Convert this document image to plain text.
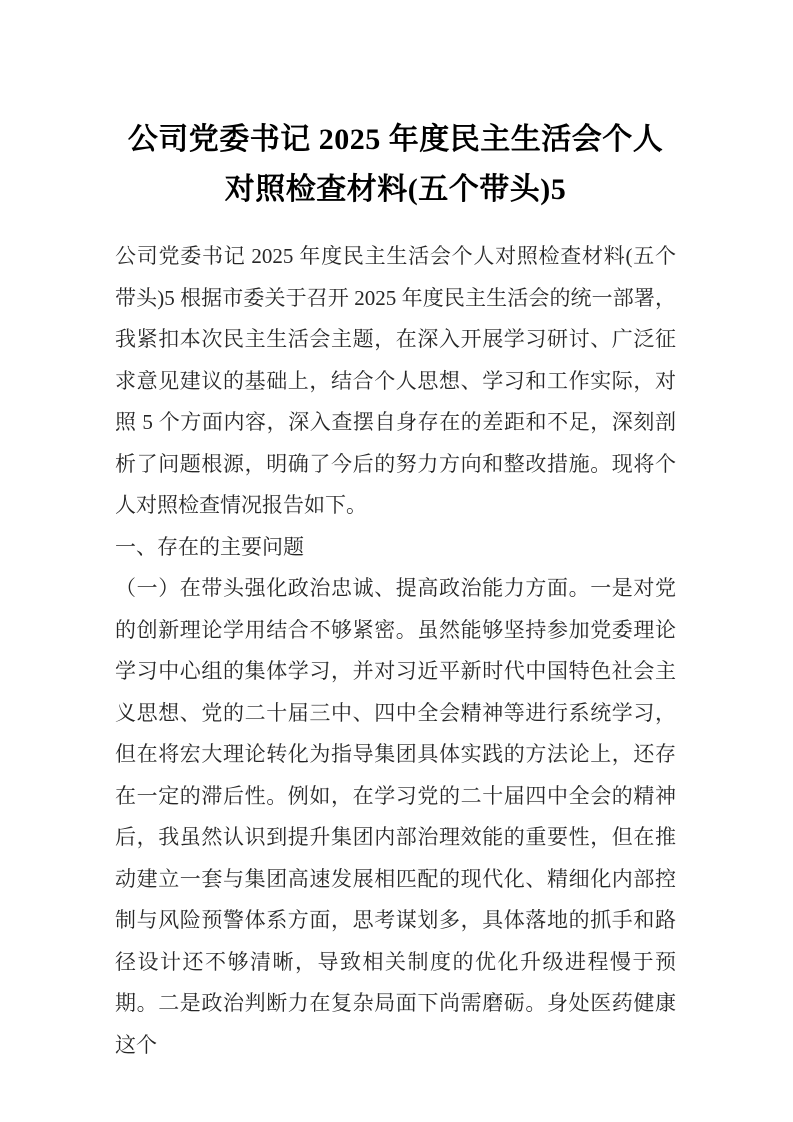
公司党委书记 2025 年度民主生活会个人对照检查材料(五个带头)5

公司党委书记 2025 年度民主生活会个人对照检查材料(五个带头)5 根据市委关于召开 2025 年度民主生活会的统一部署，我紧扣本次民主生活会主题，在深入开展学习研讨、广泛征求意见建议的基础上，结合个人思想、学习和工作实际，对照 5 个方面内容，深入查摆自身存在的差距和不足，深刻剖析了问题根源，明确了今后的努力方向和整改措施。现将个人对照检查情况报告如下。

一、存在的主要问题

（一）在带头强化政治忠诚、提高政治能力方面。一是对党的创新理论学用结合不够紧密。虽然能够坚持参加党委理论学习中心组的集体学习，并对习近平新时代中国特色社会主义思想、党的二十届三中、四中全会精神等进行系统学习，但在将宏大理论转化为指导集团具体实践的方法论上，还存在一定的滞后性。例如，在学习党的二十届四中全会的精神后，我虽然认识到提升集团内部治理效能的重要性，但在推动建立一套与集团高速发展相匹配的现代化、精细化内部控制与风险预警体系方面，思考谋划多，具体落地的抓手和路径设计还不够清晰，导致相关制度的优化升级进程慢于预期。二是政治判断力在复杂局面下尚需磨砺。身处医药健康这个
